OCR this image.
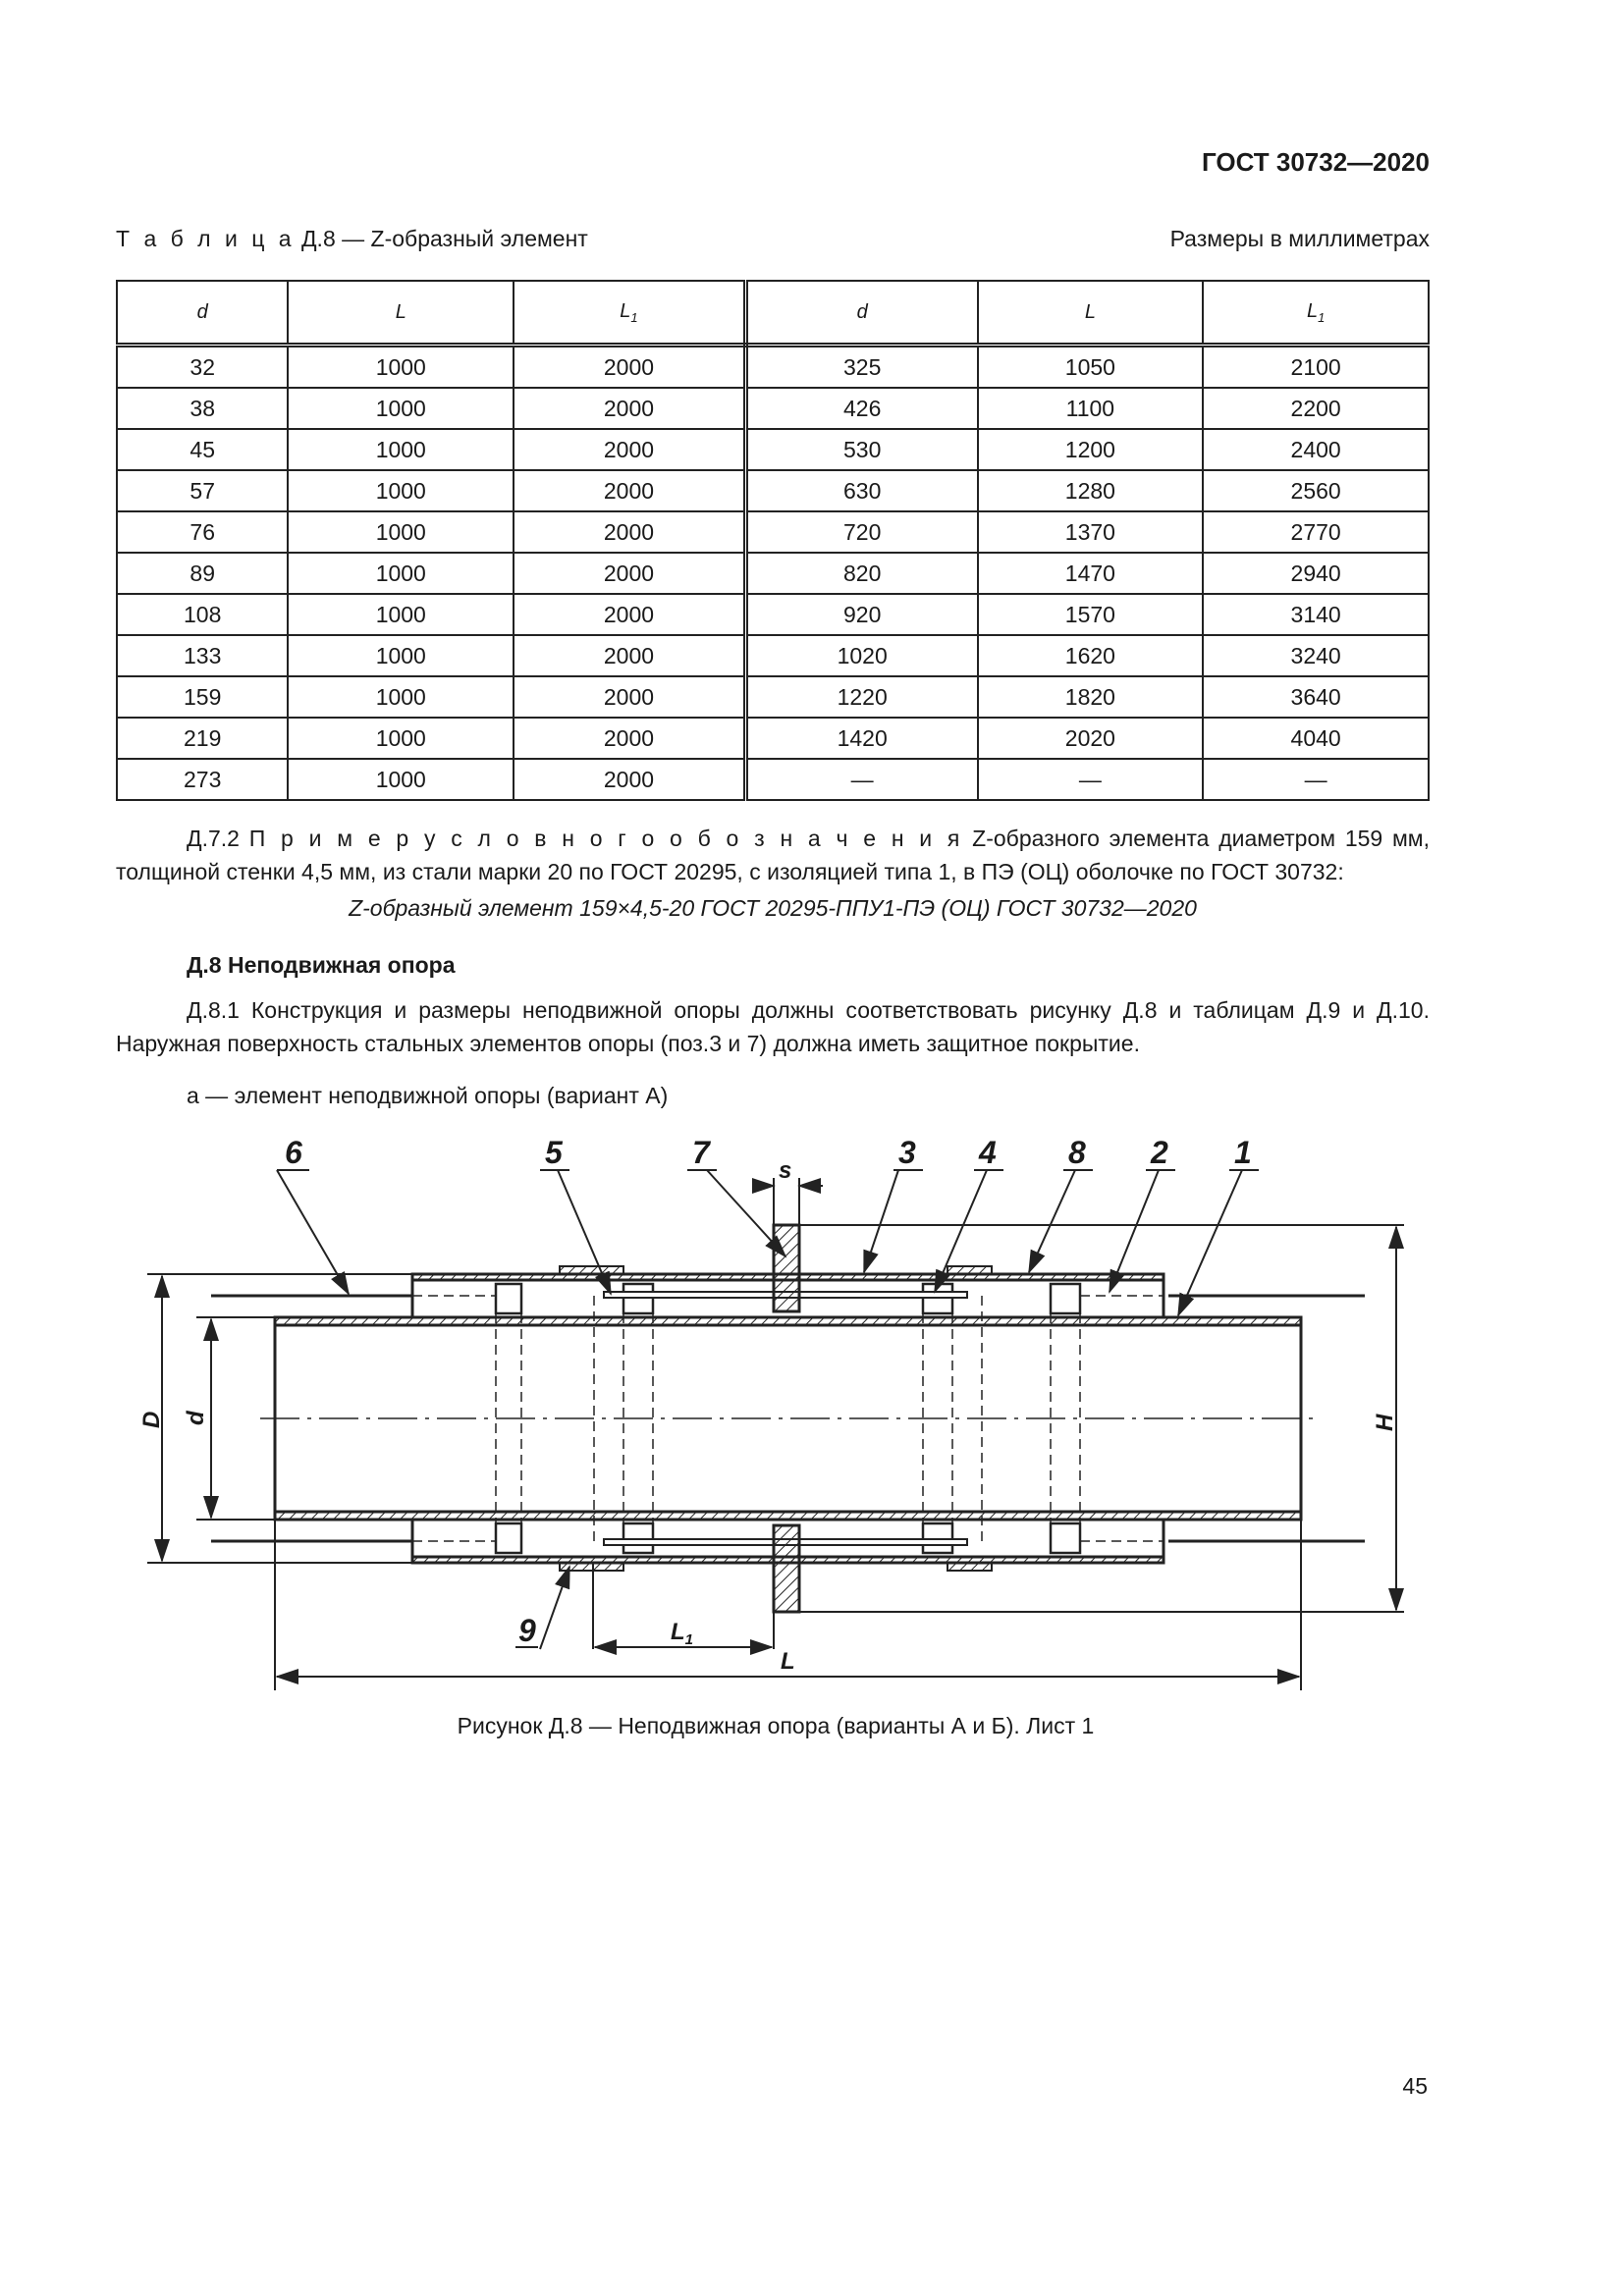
ГОСТ 30732—2020
Т а б л и ц а Д.8 — Z-образный элемент	Размеры в миллиметрах
d	L	$L_1$	d	L	$L_1$
32	1000	2000	325	1050	2100
38	1000	2000	426	1100	2200
45	1000	2000	530	1200	2400
57	1000	2000	630	1280	2560
76	1000	2000	720	1370	2770
89	1000	2000	820	1470	2940
108	1000	2000	920	1570	3140
133	1000	2000	1020	1620	3240
159	1000	2000	1220	1820	3640
219	1000	2000	1420	2020	4040
273	1000	2000	—	—	—
Д.7.2 П р и м е р у с л о в н о г о о б о з н а ч е н и я Z-образного элемента диаметром 159 мм, толщиной стенки 4,5 мм, из стали марки 20 по ГОСТ 20295, с изоляцией типа 1, в ПЭ (ОЦ) оболочке по ГОСТ 30732:
Z-образный элемент 159×4,5-20 ГОСТ 20295-ППУ1-ПЭ (ОЦ) ГОСТ 30732—2020
Д.8 Неподвижная опора
Д.8.1 Конструкция и размеры неподвижной опоры должны соответствовать рисунку Д.8 и таблицам Д.9 и Д.10. Наружная поверхность стальных элементов опоры (поз.3 и 7) должна иметь защитное покрытие.
а — элемент неподвижной опоры (вариант А)
6	5	7	3 4 8 2 1
9
s
D d	H
$L_1$
L
Рисунок Д.8 — Неподвижная опора (варианты А и Б). Лист 1
45
